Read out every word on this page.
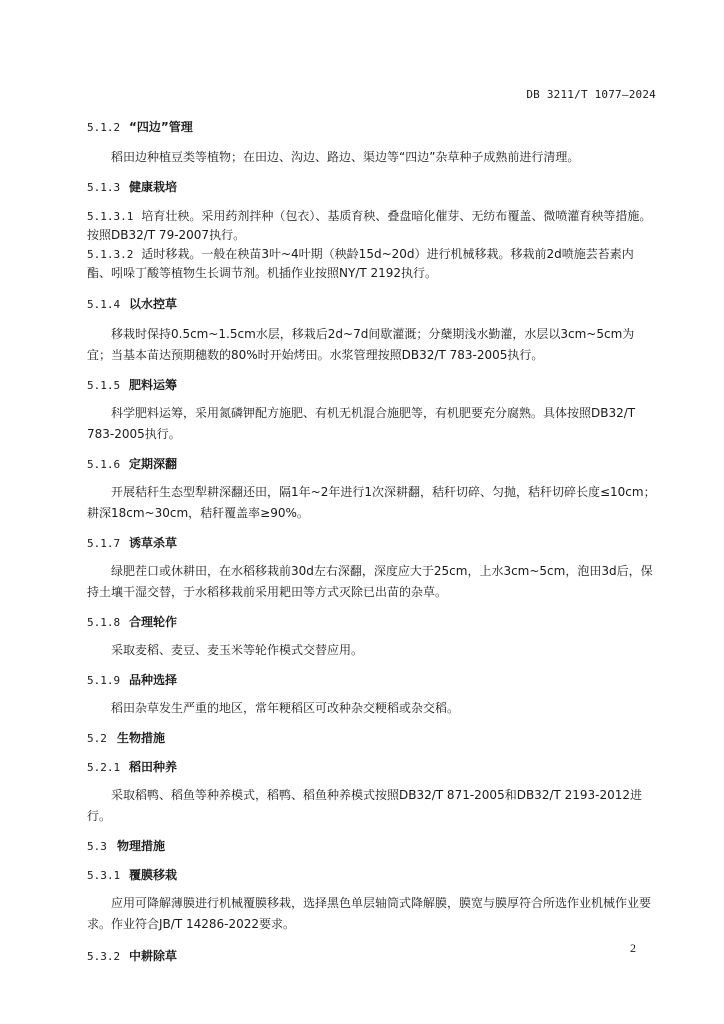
DB 3211/T 1077—2024
5.1.2 “四边”管理

稻田边种植豆类等植物；在田边、沟边、路边、渠边等“四边”杂草种子成熟前进行清理。

5.1.3 健康栽培

5.1.3.1 培育壮秧。采用药剂拌种（包衣）、基质育秧、叠盘暗化催芽、无纺布覆盖、微喷灌育秧等措施。按照DB32/T 79-2007执行。

5.1.3.2 适时移栽。一般在秧苗3叶~4叶期（秧龄15d~20d）进行机械移栽。移栽前2d喷施芸苔素内酯、吲哚丁酸等植物生长调节剂。机插作业按照NY/T 2192执行。

5.1.4 以水控草

移栽时保持0.5cm~1.5cm水层，移栽后2d~7d间歇灌溉；分蘖期浅水勤灌，水层以3cm~5cm为宜；当基本苗达预期穗数的80%时开始烤田。水浆管理按照DB32/T 783-2005执行。

5.1.5 肥料运筹

科学肥料运筹，采用氮磷钾配方施肥、有机无机混合施肥等，有机肥要充分腐熟。具体按照DB32/T 783-2005执行。

5.1.6 定期深翻

开展秸秆生态型犁耕深翻还田，隔1年~2年进行1次深耕翻，秸秆切碎、匀抛，秸秆切碎长度≤10cm；耕深18cm~30cm，秸秆覆盖率≥90%。

5.1.7 诱草杀草

绿肥茬口或休耕田，在水稻移栽前30d左右深翻，深度应大于25cm，上水3cm~5cm，泡田3d后，保持土壤干湿交替，于水稻移栽前采用耙田等方式灭除已出苗的杂草。

5.1.8 合理轮作

采取麦稻、麦豆、麦玉米等轮作模式交替应用。

5.1.9 品种选择

稻田杂草发生严重的地区，常年粳稻区可改种杂交粳稻或杂交稻。

5.2 生物措施
5.2.1 稻田种养

采取稻鸭、稻鱼等种养模式，稻鸭、稻鱼种养模式按照DB32/T 871-2005和DB32/T 2193-2012进行。

5.3 物理措施
5.3.1 覆膜移栽

应用可降解薄膜进行机械覆膜移栽，选择黑色单层轴筒式降解膜，膜宽与膜厚符合所选作业机械作业要求。作业符合JB/T 14286-2022要求。

5.3.2 中耕除草
2
